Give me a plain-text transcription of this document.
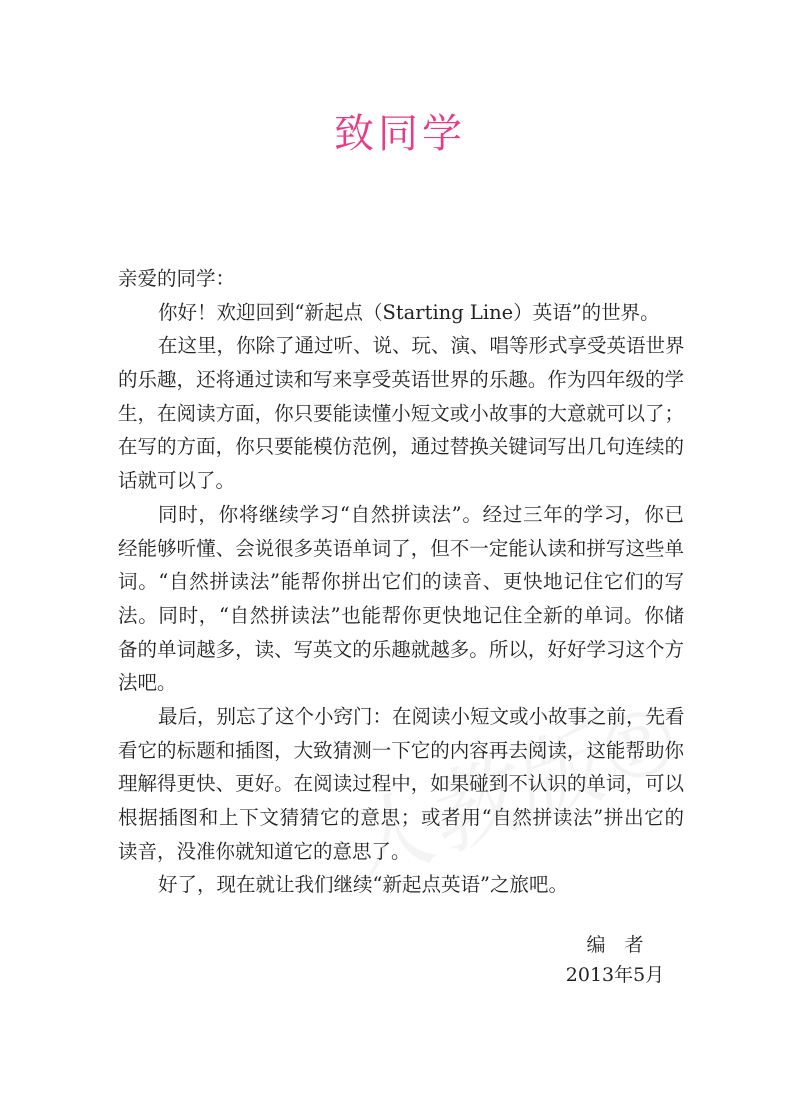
致同学
亲爱的同学：
你好！欢迎回到“新起点（Starting Line）英语”的世界。
在这里，你除了通过听、说、玩、演、唱等形式享受英语世界
的乐趣，还将通过读和写来享受英语世界的乐趣。作为四年级的学
生，在阅读方面，你只要能读懂小短文或小故事的大意就可以了；
在写的方面，你只要能模仿范例，通过替换关键词写出几句连续的
话就可以了。
同时，你将继续学习“自然拼读法”。经过三年的学习，你已
经能够听懂、会说很多英语单词了，但不一定能认读和拼写这些单
词。“自然拼读法”能帮你拼出它们的读音、更快地记住它们的写
法。同时，“自然拼读法”也能帮你更快地记住全新的单词。你储
备的单词越多，读、写英文的乐趣就越多。所以，好好学习这个方
法吧。
最后，别忘了这个小窍门：在阅读小短文或小故事之前，先看
看它的标题和插图，大致猜测一下它的内容再去阅读，这能帮助你
理解得更快、更好。在阅读过程中，如果碰到不认识的单词，可以
根据插图和上下文猜猜它的意思；或者用“自然拼读法”拼出它的
读音，没准你就知道它的意思了。
好了，现在就让我们继续“新起点英语”之旅吧。
编　者
2013年5月
